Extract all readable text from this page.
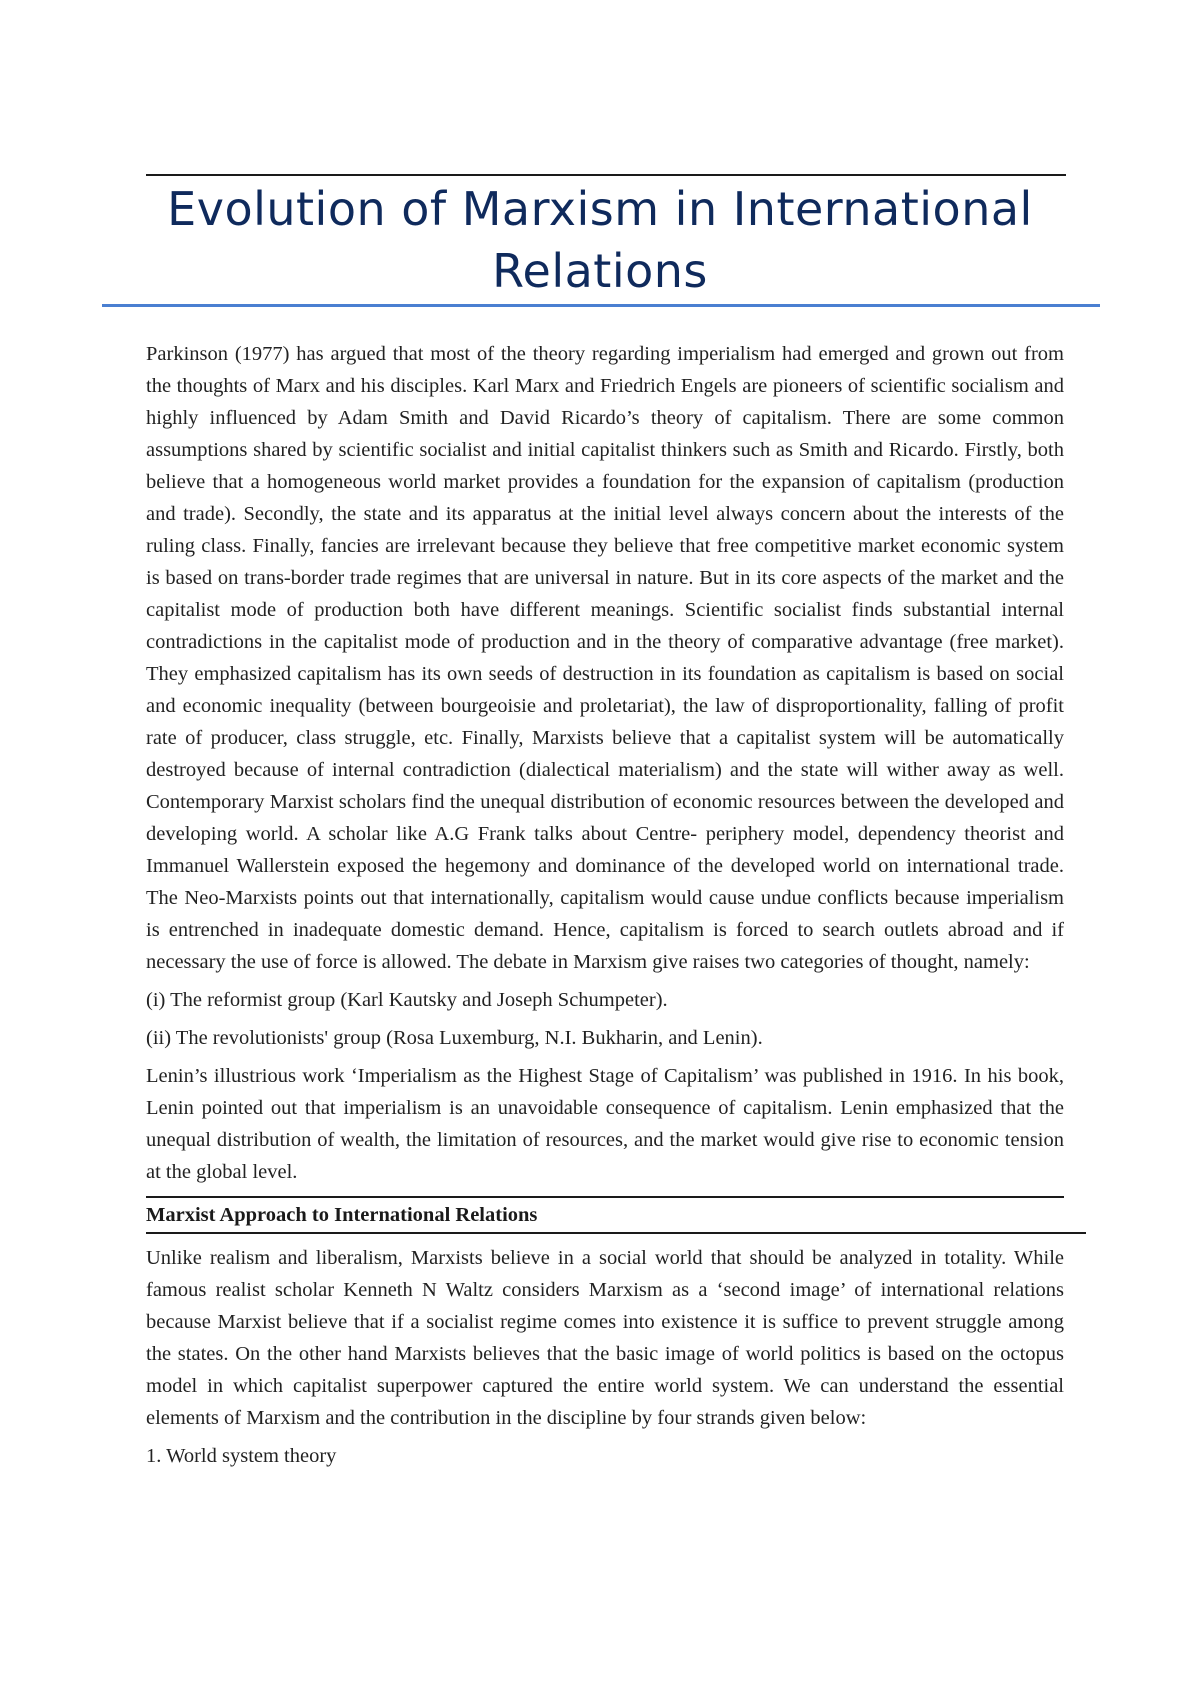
Evolution of Marxism in International Relations

Parkinson (1977) has argued that most of the theory regarding imperialism had emerged and grown out from the thoughts of Marx and his disciples. Karl Marx and Friedrich Engels are pioneers of scientific socialism and highly influenced by Adam Smith and David Ricardo’s theory of capitalism. There are some common assumptions shared by scientific socialist and initial capitalist thinkers such as Smith and Ricardo. Firstly, both believe that a homogeneous world market provides a foundation for the expansion of capitalism (production and trade). Secondly, the state and its apparatus at the initial level always concern about the interests of the ruling class. Finally, fancies are irrelevant because they believe that free competitive market economic system is based on trans-border trade regimes that are universal in nature. But in its core aspects of the market and the capitalist mode of production both have different meanings. Scientific socialist finds substantial internal contradictions in the capitalist mode of production and in the theory of comparative advantage (free market). They emphasized capitalism has its own seeds of destruction in its foundation as capitalism is based on social and economic inequality (between bourgeoisie and proletariat), the law of disproportionality, falling of profit rate of producer, class struggle, etc. Finally, Marxists believe that a capitalist system will be automatically destroyed because of internal contradiction (dialectical materialism) and the state will wither away as well. Contemporary Marxist scholars find the unequal distribution of economic resources between the developed and developing world. A scholar like A.G Frank talks about Centre- periphery model, dependency theorist and Immanuel Wallerstein exposed the hegemony and dominance of the developed world on international trade. The Neo-Marxists points out that internationally, capitalism would cause undue conflicts because imperialism is entrenched in inadequate domestic demand. Hence, capitalism is forced to search outlets abroad and if necessary the use of force is allowed. The debate in Marxism give raises two categories of thought, namely:

(i) The reformist group (Karl Kautsky and Joseph Schumpeter).

(ii) The revolutionists' group (Rosa Luxemburg, N.I. Bukharin, and Lenin).

Lenin’s illustrious work ‘Imperialism as the Highest Stage of Capitalism’ was published in 1916. In his book, Lenin pointed out that imperialism is an unavoidable consequence of capitalism. Lenin emphasized that the unequal distribution of wealth, the limitation of resources, and the market would give rise to economic tension at the global level.

Marxist Approach to International Relations

Unlike realism and liberalism, Marxists believe in a social world that should be analyzed in totality. While famous realist scholar Kenneth N Waltz considers Marxism as a ‘second image’ of international relations because Marxist believe that if a socialist regime comes into existence it is suffice to prevent struggle among the states. On the other hand Marxists believes that the basic image of world politics is based on the octopus model in which capitalist superpower captured the entire world system. We can understand the essential elements of Marxism and the contribution in the discipline by four strands given below:

1. World system theory
